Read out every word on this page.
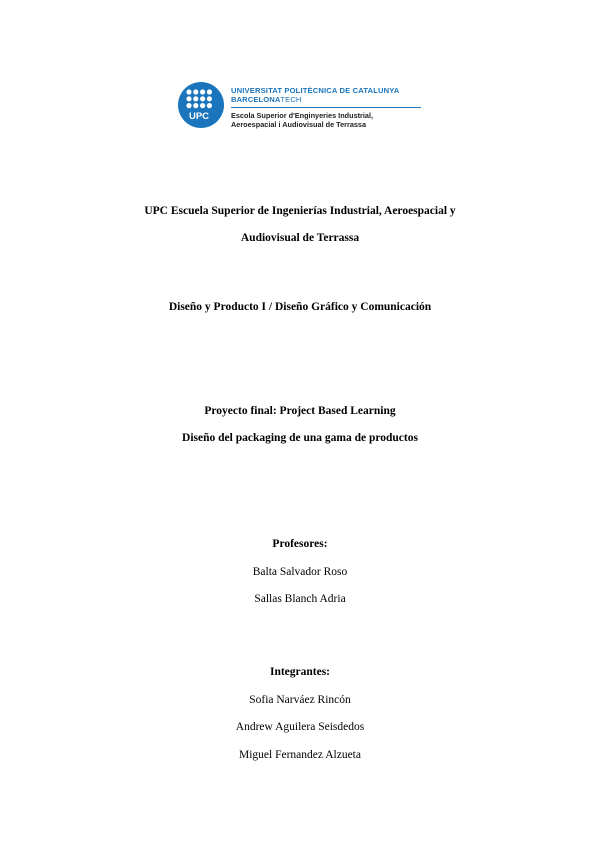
UPC
UNIVERSITAT POLITÈCNICA DE CATALUNYA
BARCELONATECH
Escola Superior d'Enginyeries Industrial,
Aeroespacial i Audiovisual de Terrassa
UPC Escuela Superior de Ingenierías Industrial, Aeroespacial y
Audiovisual de Terrassa
Diseño y Producto I / Diseño Gráfico y Comunicación
Proyecto final: Project Based Learning
Diseño del packaging de una gama de productos
Profesores:
Balta Salvador Roso
Sallas Blanch Adria
Integrantes:
Sofia Narváez Rincón
Andrew Aguilera Seisdedos
Miguel Fernandez Alzueta
